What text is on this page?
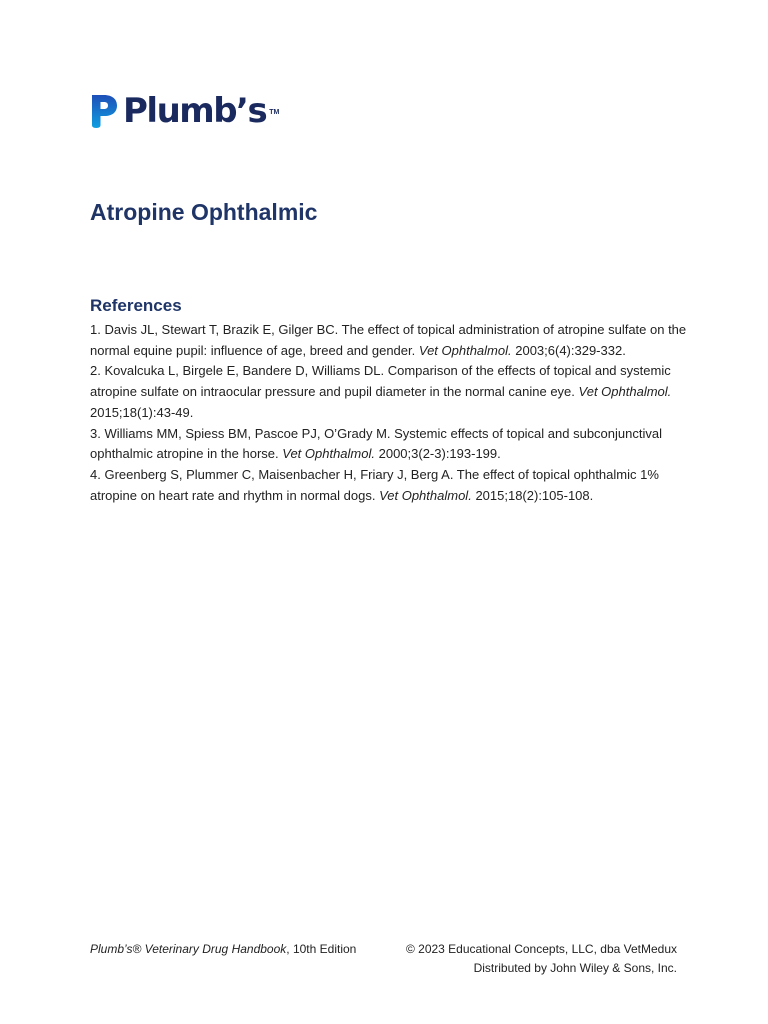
Plumb’s TM
Atropine Ophthalmic
References
1. Davis JL, Stewart T, Brazik E, Gilger BC. The effect of topical administration of atropine sulfate on the normal equine pupil: influence of age, breed and gender. Vet Ophthalmol. 2003;6(4):329-332.
2. Kovalcuka L, Birgele E, Bandere D, Williams DL. Comparison of the effects of topical and systemic atropine sulfate on intraocular pressure and pupil diameter in the normal canine eye. Vet Ophthalmol. 2015;18(1):43-49.
3. Williams MM, Spiess BM, Pascoe PJ, O’Grady M. Systemic effects of topical and subconjunctival ophthalmic atropine in the horse. Vet Ophthalmol. 2000;3(2-3):193-199.
4. Greenberg S, Plummer C, Maisenbacher H, Friary J, Berg A. The effect of topical ophthalmic 1% atropine on heart rate and rhythm in normal dogs. Vet Ophthalmol. 2015;18(2):105-108.
Plumb’s® Veterinary Drug Handbook, 10th Edition	© 2023 Educational Concepts, LLC, dba VetMedux
Distributed by John Wiley & Sons, Inc.
